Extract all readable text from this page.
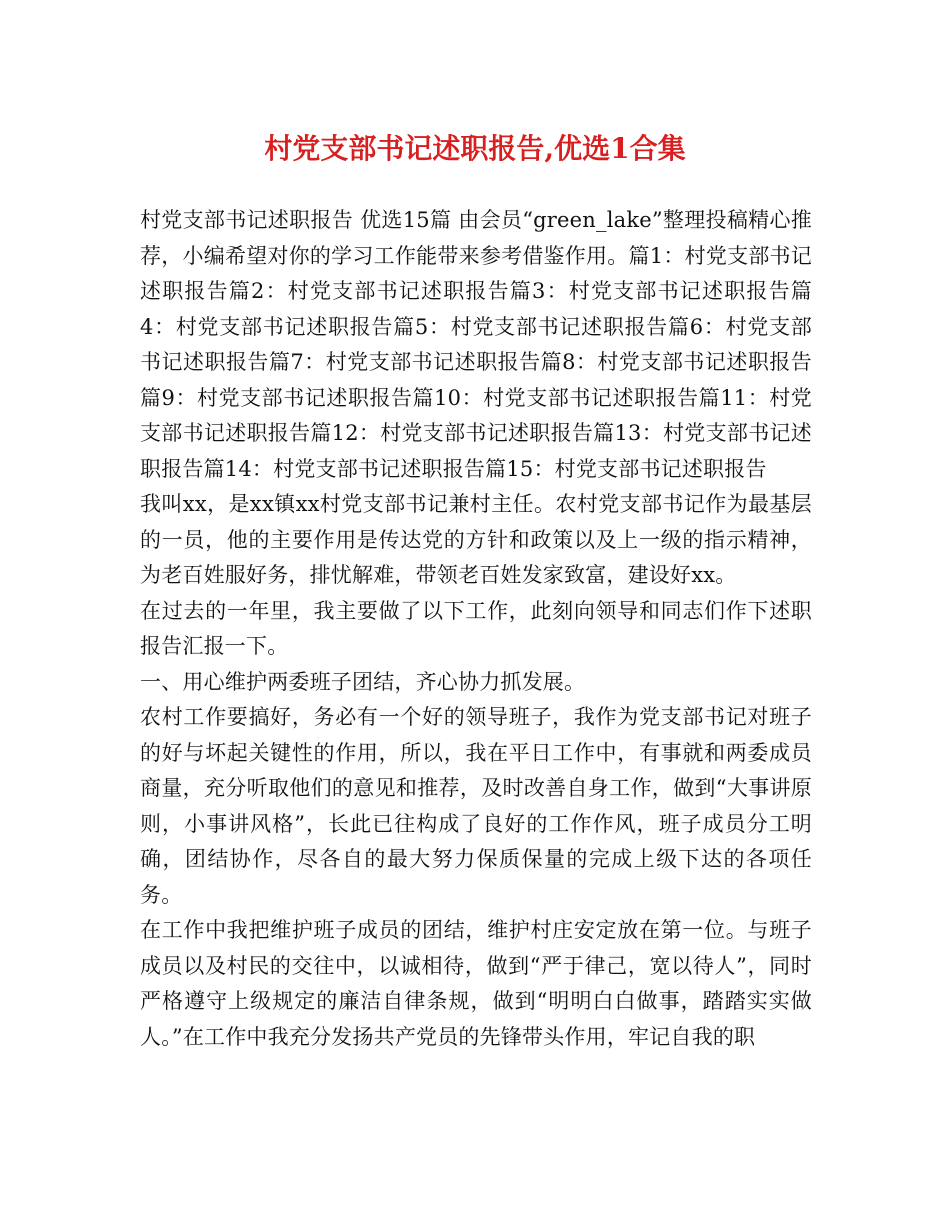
村党支部书记述职报告,优选1合集

村党支部书记述职报告 优选15篇 由会员“green_lake”整理投稿精心推荐，小编希望对你的学习工作能带来参考借鉴作用。篇1：村党支部书记述职报告篇2：村党支部书记述职报告篇3：村党支部书记述职报告篇4：村党支部书记述职报告篇5：村党支部书记述职报告篇6：村党支部书记述职报告篇7：村党支部书记述职报告篇8：村党支部书记述职报告篇9：村党支部书记述职报告篇10：村党支部书记述职报告篇11：村党支部书记述职报告篇12：村党支部书记述职报告篇13：村党支部书记述职报告篇14：村党支部书记述职报告篇15：村党支部书记述职报告

我叫xx，是xx镇xx村党支部书记兼村主任。农村党支部书记作为最基层的一员，他的主要作用是传达党的方针和政策以及上一级的指示精神，为老百姓服好务，排忧解难，带领老百姓发家致富，建设好xx。

在过去的一年里，我主要做了以下工作，此刻向领导和同志们作下述职报告汇报一下。

一、用心维护两委班子团结，齐心协力抓发展。

农村工作要搞好，务必有一个好的领导班子，我作为党支部书记对班子的好与坏起关键性的作用，所以，我在平日工作中，有事就和两委成员商量，充分听取他们的意见和推荐，及时改善自身工作，做到“大事讲原则，小事讲风格”，长此已往构成了良好的工作作风，班子成员分工明确，团结协作，尽各自的最大努力保质保量的完成上级下达的各项任务。

在工作中我把维护班子成员的团结，维护村庄安定放在第一位。与班子成员以及村民的交往中，以诚相待，做到“严于律己，宽以待人”，同时严格遵守上级规定的廉洁自律条规，做到“明明白白做事，踏踏实实做人。”在工作中我充分发扬共产党员的先锋带头作用，牢记自我的职
